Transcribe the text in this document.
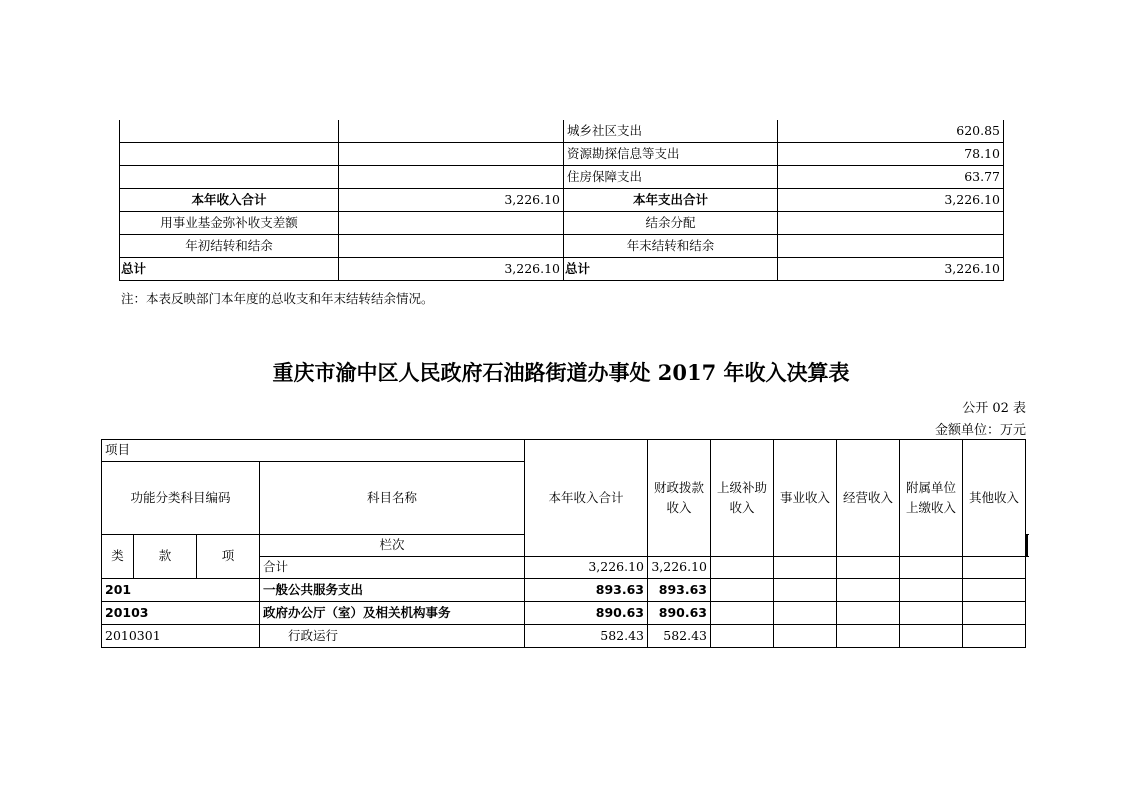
		城乡社区支出	620.85
		资源勘探信息等支出	78.10
		住房保障支出	63.77
本年收入合计	3,226.10	本年支出合计	3,226.10
用事业基金弥补收支差额		结余分配	
年初结转和结余		年末结转和结余	
总计	3,226.10	总计	3,226.10
注：本表反映部门本年度的总收支和年末结转结余情况。
重庆市渝中区人民政府石油路街道办事处 2017 年收入决算表
公开 02 表
金额单位：万元
项目				本年收入合计	财政拨款收入	上级补助收入	事业收入	经营收入	附属单位上缴收入	其他收入		
功能分类科目编码			科目名称									
类	款	项	栏次							
			合计	3,226.10	3,226.10							
201			一般公共服务支出	893.63	893.63							
20103			政府办公厅（室）及相关机构事务	890.63	890.63							
2010301			行政运行	582.43	582.43							
